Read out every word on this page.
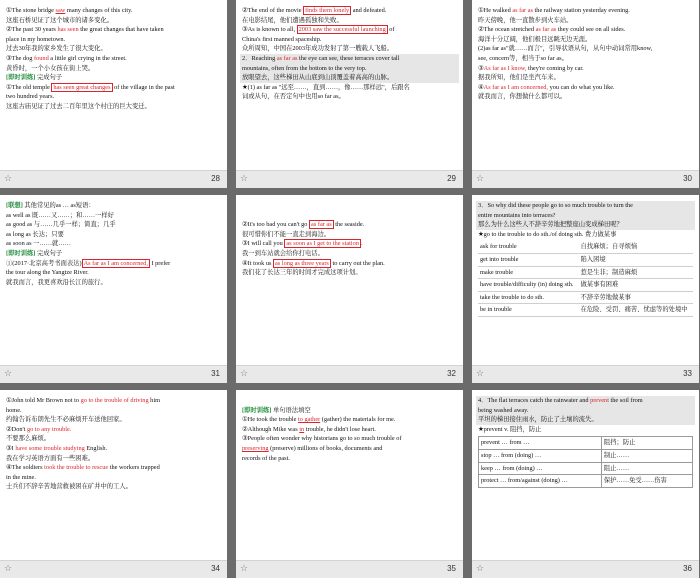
①The stone bridge saw many changes of this city.
这座石桥见证了这个城市的诸多变化。
②The past 30 years has seen the great changes that have taken
place in my hometown.
过去30年我的家乡发生了很大变化。
③The dog found a little girl crying in the street.
黄昏时，一个小女孩在街上哭。
[即时训练] 完成句子
①The old temple has seen great changes of the village in the past
two hundred years.
这座古庙见证了过去二百年里这个村庄的巨大变迁。
☆	28
②The end of the movie finds them lonely and defeated.
在电影结尾，他们遭遇孤独和失败。
③As is known to all, 2003 saw the successful launching of
China's first manned spaceship.
众所周知，中国在2003年成功发射了第一艘载人飞船。
2．Reaching as far as the eye can see, these terraces cover tall
mountains, often from the bottom to the very top.
放眼望去，这些梯田从山底到山顶覆盖着高高的山脉。
★(1) as far as "远至……，直到……，像……那样远"，后跟名
词或从句，在否定句中也用so far as。
☆	29
①He walked as far as the railway station yesterday evening.
昨天傍晚，他一直散步到火车站。
②The ocean stretched as far as they could see on all sides.
海洋十分辽阔，他们极目远眺无边无涯。
(2)as far as"就……而言"，引导状语从句，从句中动词常用know,
see, concern等，相当于so far as。
③As far as I know, they're coming by car.
据我所知，他们是坐汽车来。
④As far as I am concerned, you can do what you like.
就我而言，你想做什么都可以。
☆	30
[联想] 其他常见的as … as短语：
as well as 既……又……；和……一样好
as good as 与……几乎一样；简直；几乎
as long as 长达；只要
as soon as 一……就……
[即时训练] 完成句子
①(2017·北京高考书面表达) As far as I am concerned, I prefer
the tour along the Yangtze River.
就我而言，我更喜欢沿长江的旅行。
☆	31

②It's too bad you can't go as far as the seaside.
很可惜你们不能一直走到海边。
③I will call you as soon as I get to the station .
我一到车站就会给你打电话。
④It took us as long as three years to carry out the plan.
我们花了长达三年的时间才完成这项计划。
☆	32
3．So why did these people go to so much trouble to turn the
entire mountains into terraces?
那么为什么这些人不辞辛劳地把整座山变成梯田呢？
★go to the trouble to do sth./of doing sth. 费力做某事
ask for trouble	自找麻烦；自寻烦恼
get into trouble	陷入困境
make trouble	惹是生非；制造麻烦
have trouble/difficulty (in) doing sth.	做某事有困难
take the trouble to do sth.	不辞辛劳地做某事
be in trouble	在危险、受罚、痛苦、忧虑等的处境中
☆	33
①John told Mr Brown not to go to the trouble of driving him
home.
约翰告诉布朗先生不必麻烦开车送他回家。
②Don't go to any trouble.
不要那么麻烦。
③I have some trouble studying English.
我在学习英语方面有一些困难。
④The soldiers took the trouble to rescue the workers trapped
in the mine.
士兵们不辞辛苦地营救被困在矿井中的工人。
☆	34

[即时训练] 单句语法填空
①He took the trouble to gather (gather) the materials for me.
②Although Mike was in trouble, he didn't lose heart.
③People often wonder why historians go to so much trouble of
preserving (preserve) millions of books, documents and
records of the past.
☆	35
4．The flat terraces catch the rainwater and prevent the soil from
being washed away.
平坦的梯田接住雨水，防止了土壤的流失。
★prevent v. 阻挡，防止
prevent … from …	阻挡；防止
stop … from (doing) …	制止……
keep … from (doing) …	阻止……
protect … from/against (doing) …	保护……免受……伤害
☆	36
